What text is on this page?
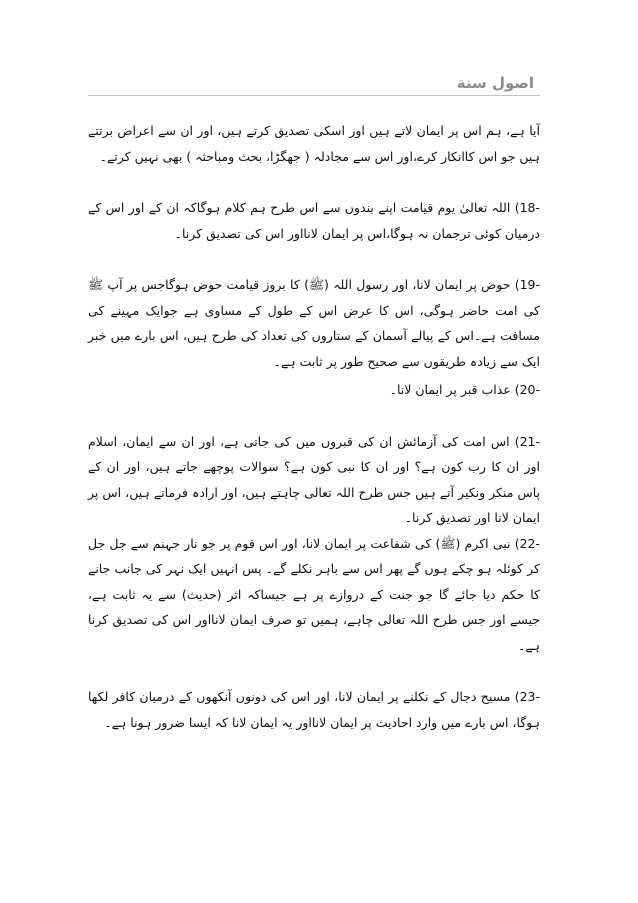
اصول سنة

آیا ہے، ہم اس پر ایمان لاتے ہیں اور اسکی تصدیق کرتے ہیں، اور ان سے اعراض برتتے ہیں جو اس کاانکار کرے،اور اس سے مجادلہ ( جھگڑا، بحث ومباحثہ ) بھی نہیں کرتے۔

-18) اللہ تعالیٰ یوم قیامت اپنے بندوں سے اس طرح ہم کلام ہوگاکہ ان کے اور اس کے درمیان کوئی ترجمان نہ ہوگا،اس پر ایمان لانااور اس کی تصدیق کرنا۔

-19) حوض پر ایمان لانا، اور رسول اللہ (ﷺ) کا بروز قیامت حوض ہوگاجس پر آپ ﷺ کی امت حاضر ہوگی، اس کا عرض اس کے طول کے مساوی ہے جوایک مہینے کی مسافت ہے۔اس کے پیالے آسمان کے ستاروں کی تعداد کی طرح ہیں، اس بارے میں خبر ایک سے زیادہ طریقوں سے صحیح طور پر ثابت ہے۔

-20) عذاب قبر پر ایمان لانا۔

-21) اس امت کی آزمائش ان کی قبروں میں کی جاتی ہے، اور ان سے ایمان، اسلام اور ان کا رب کون ہے؟ اور ان کا نبی کون ہے؟ سوالات پوچھے جاتے ہیں، اور ان کے پاس منکر ونکیر آتے ہیں جس طرح اللہ تعالی چاہتے ہیں، اور ارادہ فرماتے ہیں، اس پر ایمان لانا اور تصدیق کرنا۔

-22) نبی اکرم (ﷺ) کی شفاعت پر ایمان لانا، اور اس قوم پر جو نار جہنم سے جل جل کر کوئلہ ہو چکے ہوں گے پھر اس سے باہر نکلے گے۔ پس انہیں ایک نہر کی جانب جانے کا حکم دیا جائے گا جو جنت کے دروازے پر ہے جیساکہ اثر (حدیث) سے یہ ثابت ہے، جیسے اور جس طرح اللہ تعالی چاہے، ہمیں تو صرف ایمان لانااور اس کی تصدیق کرنا ہے۔

-23) مسیح دجال کے نکلنے پر ایمان لانا، اور اس کی دونوں آنکھوں کے درمیان کافر لکھا ہوگا، اس بارے میں وارد احادیث پر ایمان لانااور یہ ایمان لانا کہ ایسا ضرور ہونا ہے۔
